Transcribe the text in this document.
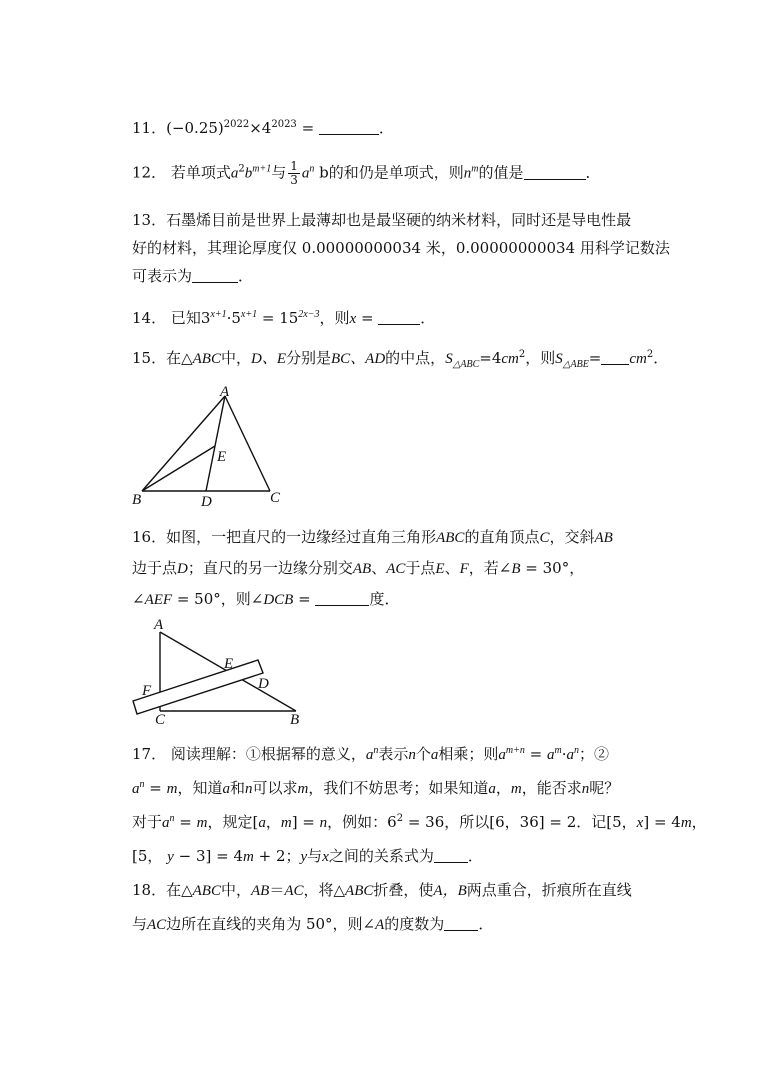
11．$(-0.25)^{2022}\times 4^{2023}$ =	．
12． 若单项式$a^2b^{m+1}$与 $\frac{1}{3} a^n$ b的和仍是单项式，则$n^m$的值是	．
13．石墨烯目前是世界上最薄却也是最坚硬的纳米材料，同时还是导电性最
好的材料，其理论厚度仅 0.00000000034 米，0.00000000034 用科学记数法
可表示为	．
14． 已知$3^{x+1}\cdot 5^{x+1} = 15^{2x-3}$，则x =	．
15．在△ABC中，D、E分别是BC、AD的中点，$S_{\triangle ABC}=4cm^2$，则$S_{\triangle ABE}= cm^2$．
A
B	C
D
E
16．如图，一把直尺的一边缘经过直角三角形ABC的直角顶点C，交斜AB
边于点D；直尺的另一边缘分别交AB、AC于点E、F，若∠B = 30°，
∠AEF = 50°，则∠DCB =	度．
A
B
C
D
E
F
17． 阅读理解：①根据幂的意义，$a^n$表示n个a相乘；则$a^{m+n} = a^m\cdot a^n$；②
$a^n = m$，知道a和n可以求m，我们不妨思考；如果知道a，m，能否求n呢？
对于$a^n = m$，规定[a，m] = n，例如：$6^2 = 36$，所以[6，36] = 2．记[5，x] = 4m，
[5， y − 3] = 4m + 2；y与x之间的关系式为 ．
18．在△ABC中，AB＝AC，将△ABC折叠，使A，B两点重合，折痕所在直线
与AC边所在直线的夹角为 50°，则∠A的度数为 ．
